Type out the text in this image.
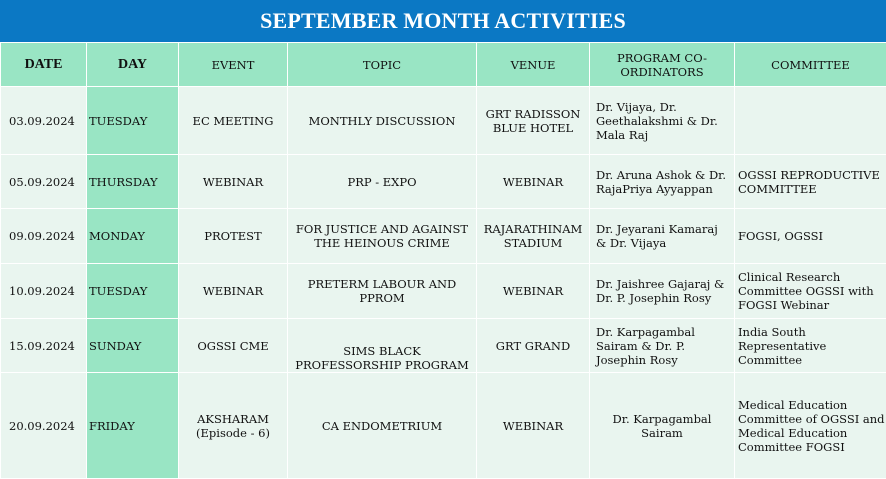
SEPTEMBER MONTH ACTIVITIES
DATE	DAY	EVENT	TOPIC	VENUE	PROGRAM CO-ORDINATORS	COMMITTEE
03.09.2024	TUESDAY	EC MEETING	MONTHLY DISCUSSION	GRT RADISSON BLUE HOTEL	Dr. Vijaya, Dr. Geethalakshmi & Dr. Mala Raj	
05.09.2024	THURSDAY	WEBINAR	PRP - EXPO	WEBINAR	Dr. Aruna Ashok & Dr. RajaPriya Ayyappan	OGSSI REPRODUCTIVE COMMITTEE
09.09.2024	MONDAY	PROTEST	FOR JUSTICE AND AGAINST THE HEINOUS CRIME	RAJARATHINAM STADIUM	Dr. Jeyarani Kamaraj & Dr. Vijaya	FOGSI, OGSSI
10.09.2024	TUESDAY	WEBINAR	PRETERM LABOUR AND PPROM	WEBINAR	Dr. Jaishree Gajaraj & Dr. P. Josephin Rosy	Clinical Research Committee OGSSI with FOGSI Webinar
15.09.2024	SUNDAY	OGSSI CME	SIMS BLACK PROFESSORSHIP PROGRAM	GRT GRAND	Dr. Karpagambal Sairam & Dr. P. Josephin Rosy	India South Representative Committee
20.09.2024	FRIDAY	AKSHARAM (Episode - 6)	CA ENDOMETRIUM	WEBINAR	Dr. Karpagambal Sairam	Medical Education Committee of OGSSI and Medical Education Committee FOGSI
